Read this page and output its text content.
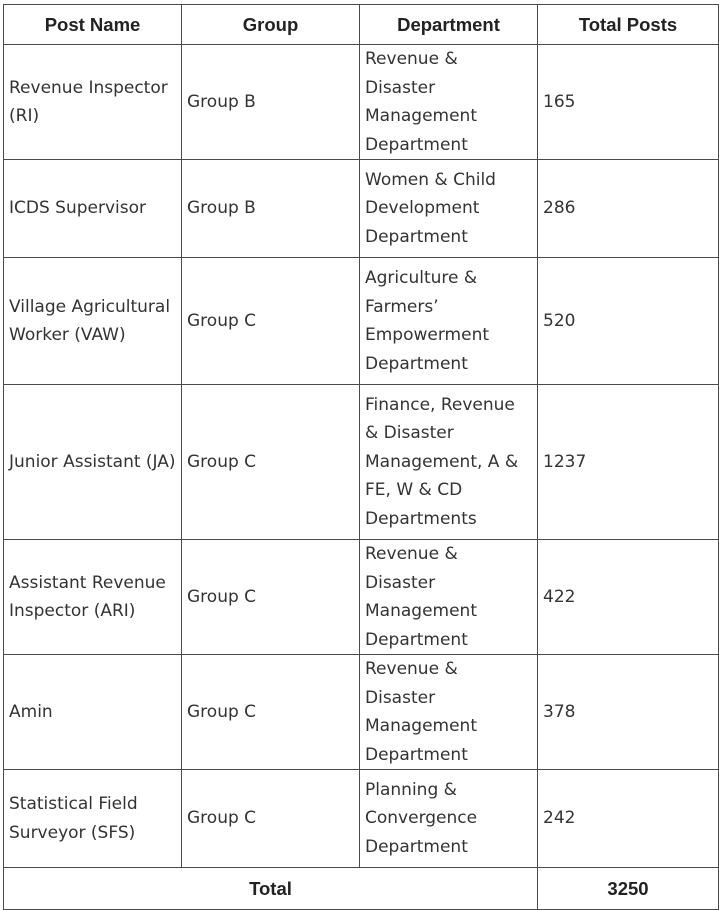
Post Name	Group	Department	Total Posts
Revenue Inspector (RI)	Group B	Revenue & Disaster Management Department	165
ICDS Supervisor	Group B	Women & Child Development Department	286
Village Agricultural Worker (VAW)	Group C	Agriculture & Farmers’ Empowerment Department	520
Junior Assistant (JA)	Group C	Finance, Revenue & Disaster Management, A & FE, W & CD Departments	1237
Assistant Revenue Inspector (ARI)	Group C	Revenue & Disaster Management Department	422
Amin	Group C	Revenue & Disaster Management Department	378
Statistical Field Surveyor (SFS)	Group C	Planning & Convergence Department	242
Total			3250
